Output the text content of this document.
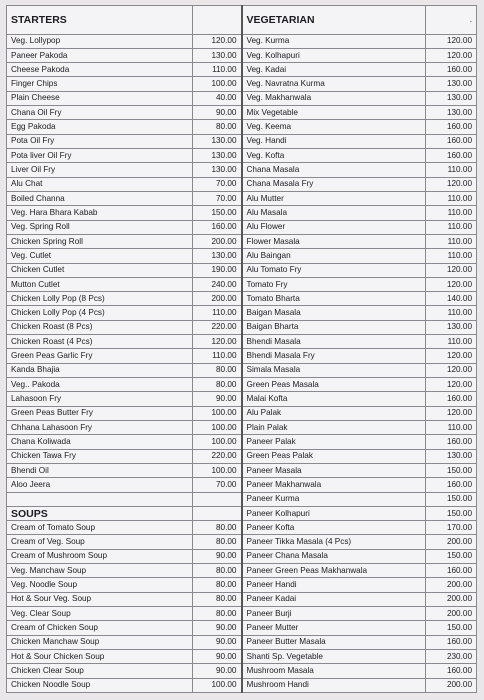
STARTERS		VEGETARIAN	.
Veg. Lollypop	120.00	Veg. Kurma	120.00
Paneer Pakoda	130.00	Veg. Kolhapuri	120.00
Cheese Pakoda	110.00	Veg. Kadai	160.00
Finger Chips	100.00	Veg. Navratna Kurma	130.00
Plain Cheese	40.00	Veg. Makhanwala	130.00
Chana Oil Fry	90.00	Mix Vegetable	130.00
Egg Pakoda	80.00	Veg. Keema	160.00
Pota Oil Fry	130.00	Veg. Handi	160.00
Pota liver Oil Fry	130.00	Veg. Kofta	160.00
Liver Oil Fry	130.00	Chana Masala	110.00
Alu Chat	70.00	Chana Masala Fry	120.00
Boiled Channa	70.00	Alu Mutter	110.00
Veg. Hara Bhara Kabab	150.00	Alu Masala	110.00
Veg. Spring Roll	160.00	Alu Flower	110.00
Chicken Spring Roll	200.00	Flower Masala	110.00
Veg. Cutlet	130.00	Alu Baingan	110.00
Chicken Cutlet	190.00	Alu Tomato Fry	120.00
Mutton Cutlet	240.00	Tomato Fry	120.00
Chicken Lolly Pop (8 Pcs)	200.00	Tomato Bharta	140.00
Chicken Lolly Pop (4 Pcs)	110.00	Baigan Masala	110.00
Chicken Roast (8 Pcs)	220.00	Baigan Bharta	130.00
Chicken Roast (4 Pcs)	120.00	Bhendi Masala	110.00
Green Peas Garlic Fry	110.00	Bhendi Masala Fry	120.00
Kanda Bhajia	80.00	Simala Masala	120.00
Veg.. Pakoda	80.00	Green Peas Masala	120.00
Lahasoon Fry	90.00	Malai Kofta	160.00
Green Peas Butter Fry	100.00	Alu Palak	120.00
Chhana Lahasoon Fry	100.00	Plain Palak	110.00
Chana Koliwada	100.00	Paneer Palak	160.00
Chicken Tawa Fry	220.00	Green Peas Palak	130.00
Bhendi Oil	100.00	Paneer Masala	150.00
Aloo Jeera	70.00	Paneer Makhanwala	160.00
		Paneer Kurma	150.00
SOUPS		Paneer Kolhapuri	150.00
Cream of Tomato Soup	80.00	Paneer Kofta	170.00
Cream of Veg. Soup	80.00	Paneer Tikka Masala (4 Pcs)	200.00
Cream of Mushroom Soup	90.00	Paneer Chana Masala	150.00
Veg. Manchaw Soup	80.00	Paneer Green Peas Makhanwala	160.00
Veg. Noodle Soup	80.00	Paneer Handi	200.00
Hot & Sour Veg. Soup	80.00	Paneer Kadai	200.00
Veg. Clear Soup	80.00	Paneer Burji	200.00
Cream of Chicken Soup	90.00	Paneer Mutter	150.00
Chicken Manchaw Soup	90.00	Paneer Butter Masala	160.00
Hot & Sour Chicken Soup	90.00	Shanti Sp. Vegetable	230.00
Chicken Clear Soup	90.00	Mushroom Masala	160.00
Chicken Noodle Soup	100.00	Mushroom Handi	200.00
